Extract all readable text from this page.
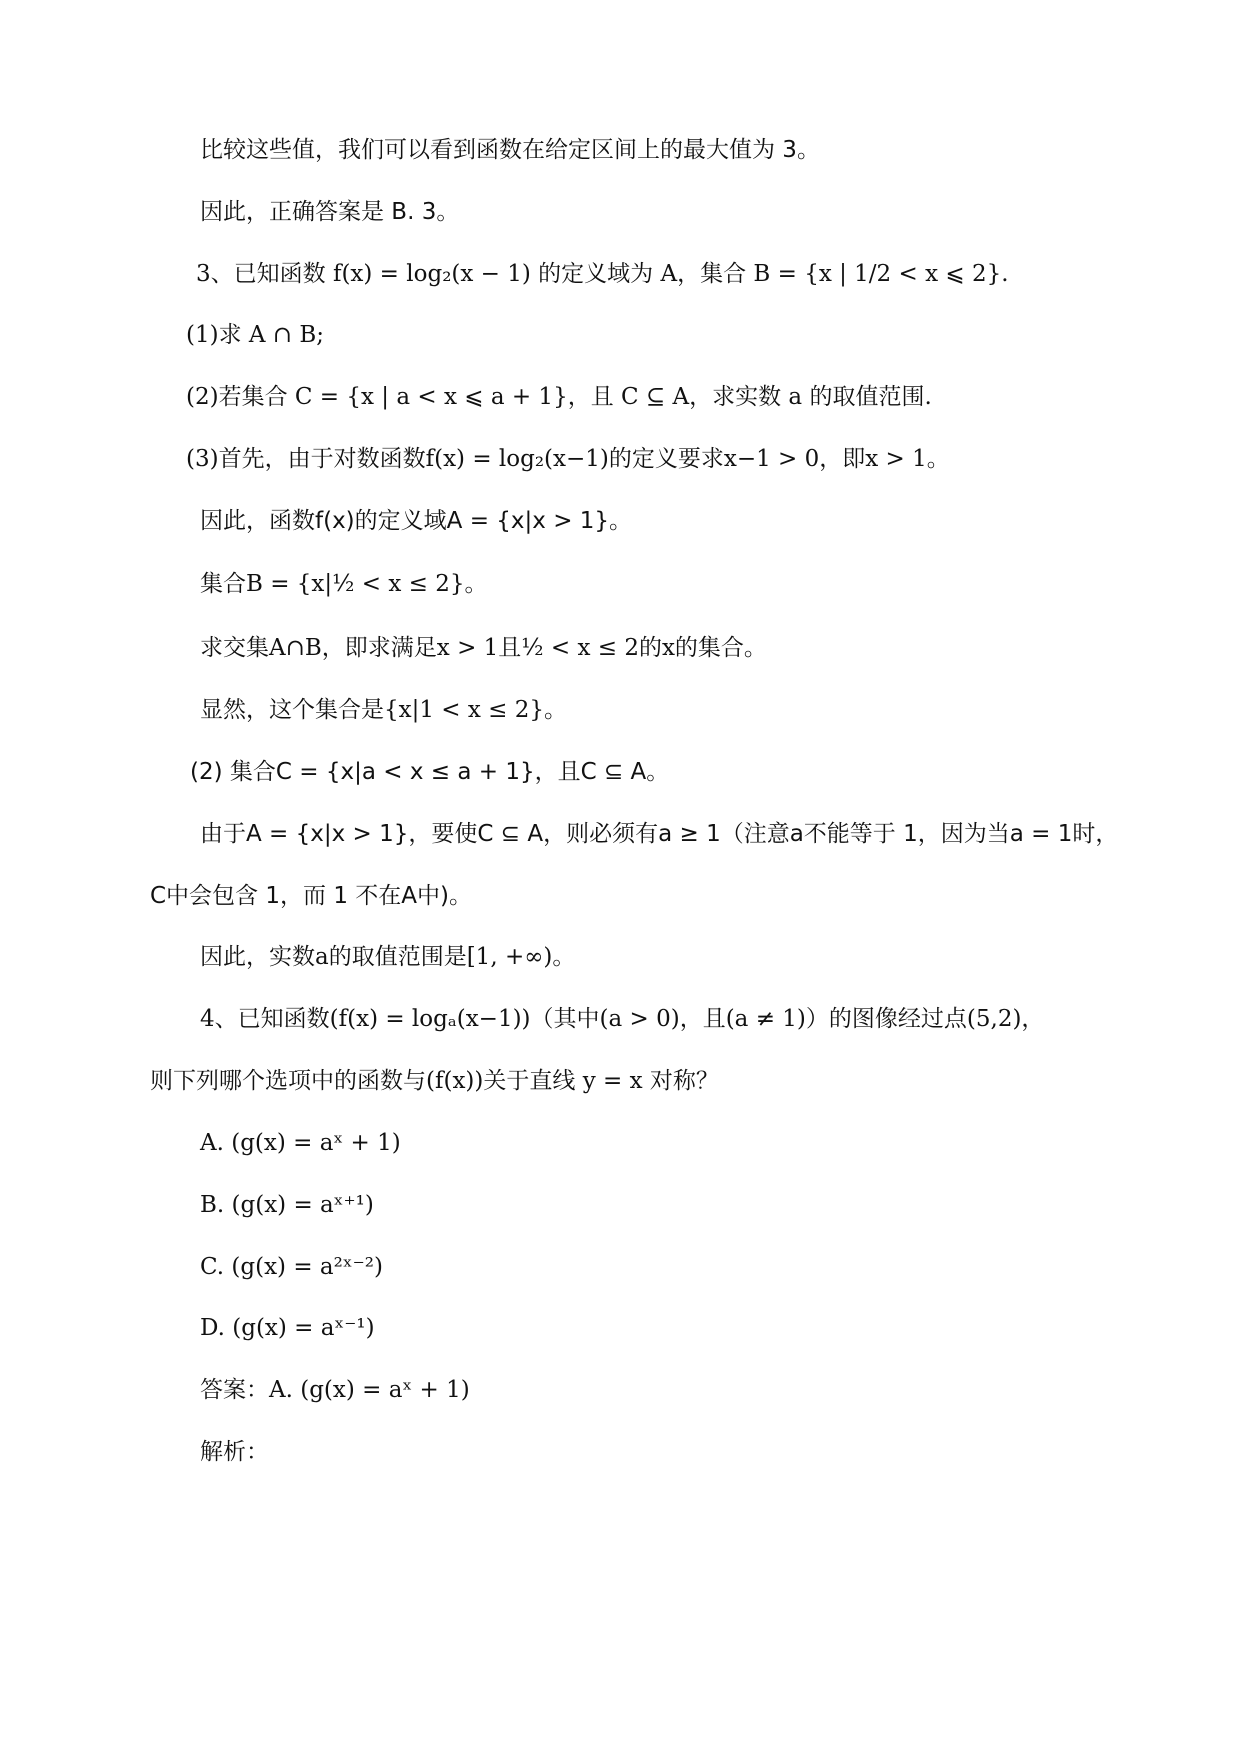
比较这些值，我们可以看到函数在给定区间上的最大值为 3。
因此，正确答案是 B. 3。
3、已知函数 f(x) = log₂(x − 1) 的定义域为 A，集合 B = {x | 1/2 < x ⩽ 2}.
(1)求 A ∩ B;
(2)若集合 C = {x | a < x ⩽ a + 1}，且 C ⊆ A，求实数 a 的取值范围.
(3)首先，由于对数函数f(x) = log₂(x−1)的定义要求x−1 > 0，即x > 1。
因此，函数f(x)的定义域A = {x|x > 1}。
集合B = {x|½ < x ≤ 2}。
求交集A∩B，即求满足x > 1且½ < x ≤ 2的x的集合。
显然，这个集合是{x|1 < x ≤ 2}。
(2) 集合C = {x|a < x ≤ a + 1}，且C ⊆ A。
由于A = {x|x > 1}，要使C ⊆ A，则必须有a ≥ 1（注意a不能等于 1，因为当a = 1时，
C中会包含 1，而 1 不在A中)。
因此，实数a的取值范围是[1, +∞)。
4、已知函数(f(x) = logₐ(x−1))（其中(a > 0)，且(a ≠ 1)）的图像经过点(5,2)，
则下列哪个选项中的函数与(f(x))关于直线 y = x 对称？
A. (g(x) = aˣ + 1)
B. (g(x) = aˣ⁺¹)
C. (g(x) = a²ˣ⁻²)
D. (g(x) = aˣ⁻¹)
答案：A. (g(x) = aˣ + 1)
解析：
